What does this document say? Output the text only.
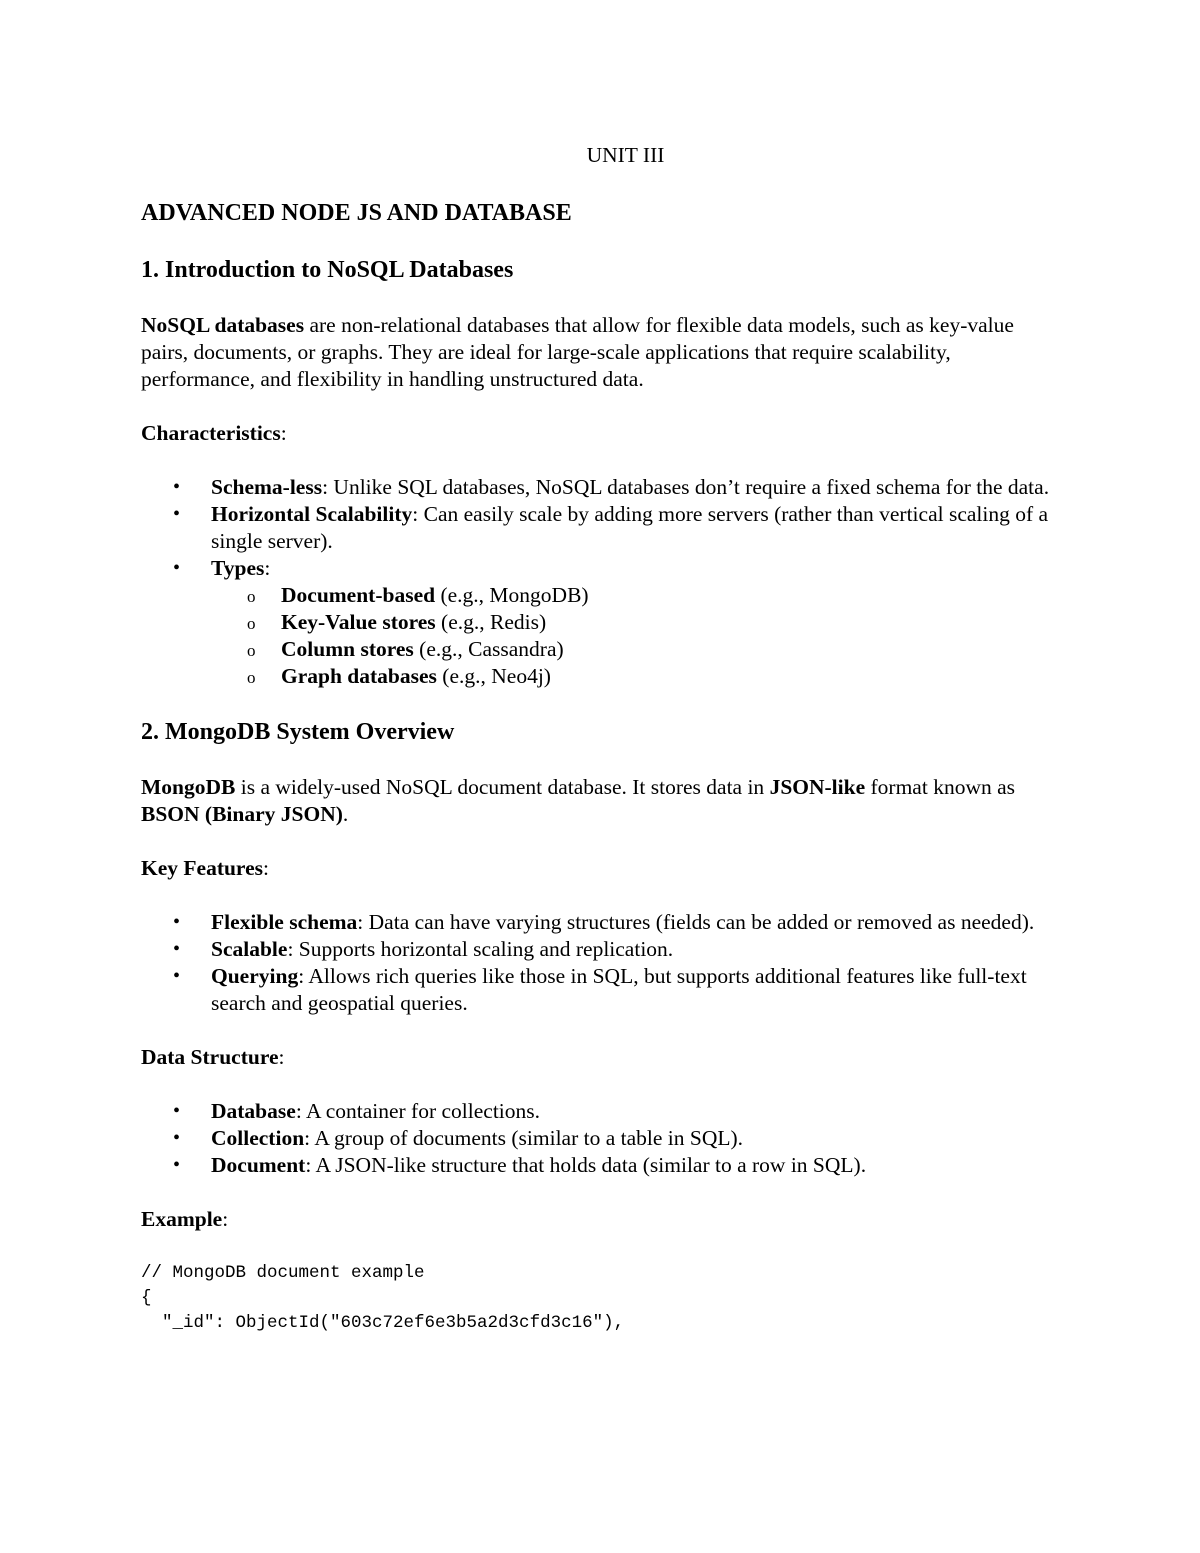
UNIT III
ADVANCED NODE JS AND DATABASE
1. Introduction to NoSQL Databases

NoSQL databases are non-relational databases that allow for flexible data models, such as key-value pairs, documents, or graphs. They are ideal for large-scale applications that require scalability, performance, and flexibility in handling unstructured data.

Characteristics:
• Schema-less: Unlike SQL databases, NoSQL databases don’t require a fixed schema for the data.
• Horizontal Scalability: Can easily scale by adding more servers (rather than vertical scaling of a single server).
• Types:
o Document-based (e.g., MongoDB)
o Key-Value stores (e.g., Redis)
o Column stores (e.g., Cassandra)
o Graph databases (e.g., Neo4j)
2. MongoDB System Overview

MongoDB is a widely-used NoSQL document database. It stores data in JSON-like format known as BSON (Binary JSON).

Key Features:
• Flexible schema: Data can have varying structures (fields can be added or removed as needed).
• Scalable: Supports horizontal scaling and replication.
• Querying: Allows rich queries like those in SQL, but supports additional features like full-text search and geospatial queries.
Data Structure:
• Database: A container for collections.
• Collection: A group of documents (similar to a table in SQL).
• Document: A JSON-like structure that holds data (similar to a row in SQL).
Example:
// MongoDB document example
{
"_id": ObjectId("603c72ef6e3b5a2d3cfd3c16"),
